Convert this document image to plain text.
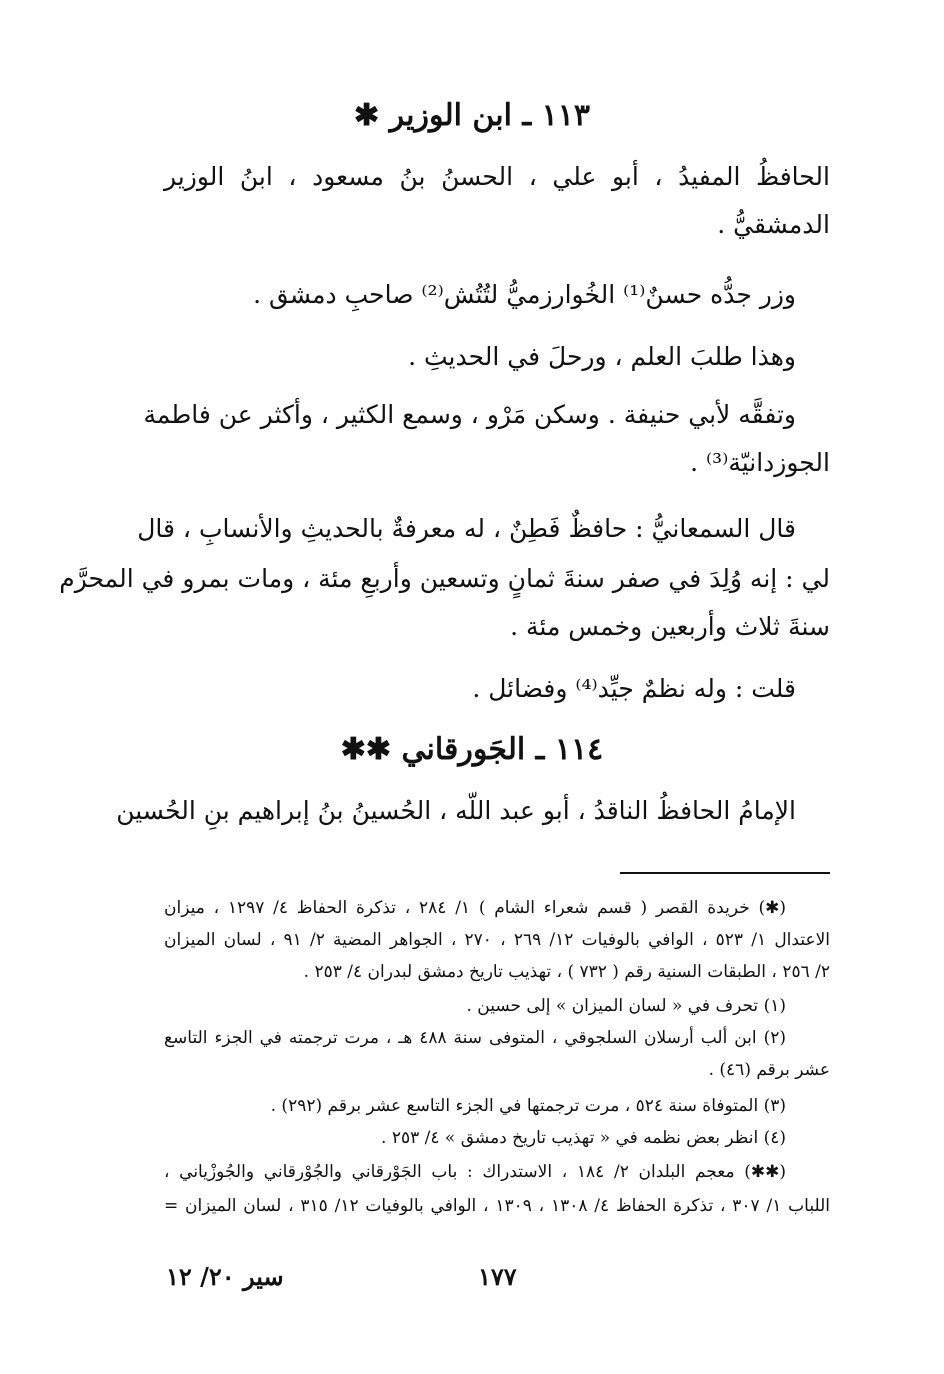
١١٣ ـ ابن الوزير ✱
الحافظُ المفيدُ ، أبو علي ، الحسنُ بنُ مسعود ، ابنُ الوزير
الدمشقيُّ .
وزر جدُّه حسنٌ⁽¹⁾ الخُوارزميُّ لتُتُش⁽²⁾ صاحبِ دمشق .
وهذا طلبَ العلم ، ورحلَ في الحديثِ .
وتفقَّه لأبي حنيفة . وسكن مَرْو ، وسمع الكثير ، وأكثر عن فاطمة
الجوزدانيّة⁽³⁾ .
قال السمعانيُّ : حافظٌ فَطِنٌ ، له معرفةٌ بالحديثِ والأنسابِ ، قال
لي : إنه وُلِدَ في صفر سنةَ ثمانٍ وتسعين وأربعِ مئة ، ومات بمرو في المحرَّم
سنةَ ثلاث وأربعين وخمس مئة .
قلت : وله نظمٌ جيِّد⁽⁴⁾ وفضائل .
١١٤ ـ الجَورقاني ✱✱
الإمامُ الحافظُ الناقدُ ، أبو عبد اللّه ، الحُسينُ بنُ إبراهيم بنِ الحُسين
(✱) خريدة القصر ( قسم شعراء الشام ) ١/ ٢٨٤ ، تذكرة الحفاظ ٤/ ١٢٩٧ ، ميزان
الاعتدال ١/ ٥٢٣ ، الوافي بالوفيات ١٢/ ٢٦٩ ، ٢٧٠ ، الجواهر المضية ٢/ ٩١ ، لسان الميزان
٢/ ٢٥٦ ، الطبقات السنية رقم ( ٧٣٢ ) ، تهذيب تاريخ دمشق لبدران ٤/ ٢٥٣ .
(١) تحرف في « لسان الميزان » إلى حسين .
(٢) ابن ألب أرسلان السلجوقي ، المتوفى سنة ٤٨٨ هـ ، مرت ترجمته في الجزء التاسع
عشر برقم (٤٦) .
(٣) المتوفاة سنة ٥٢٤ ، مرت ترجمتها في الجزء التاسع عشر برقم (٢٩٢) .
(٤) انظر بعض نظمه في « تهذيب تاريخ دمشق » ٤/ ٢٥٣ .
(✱✱) معجم البلدان ٢/ ١٨٤ ، الاستدراك : باب الجَوْرقاني والجُوْرقاني والجُوزْياني ،
اللباب ١/ ٣٠٧ ، تذكرة الحفاظ ٤/ ١٣٠٨ ، ١٣٠٩ ، الوافي بالوفيات ١٢/ ٣١٥ ، لسان الميزان =
١٧٧
سير ٢٠/ ١٢
